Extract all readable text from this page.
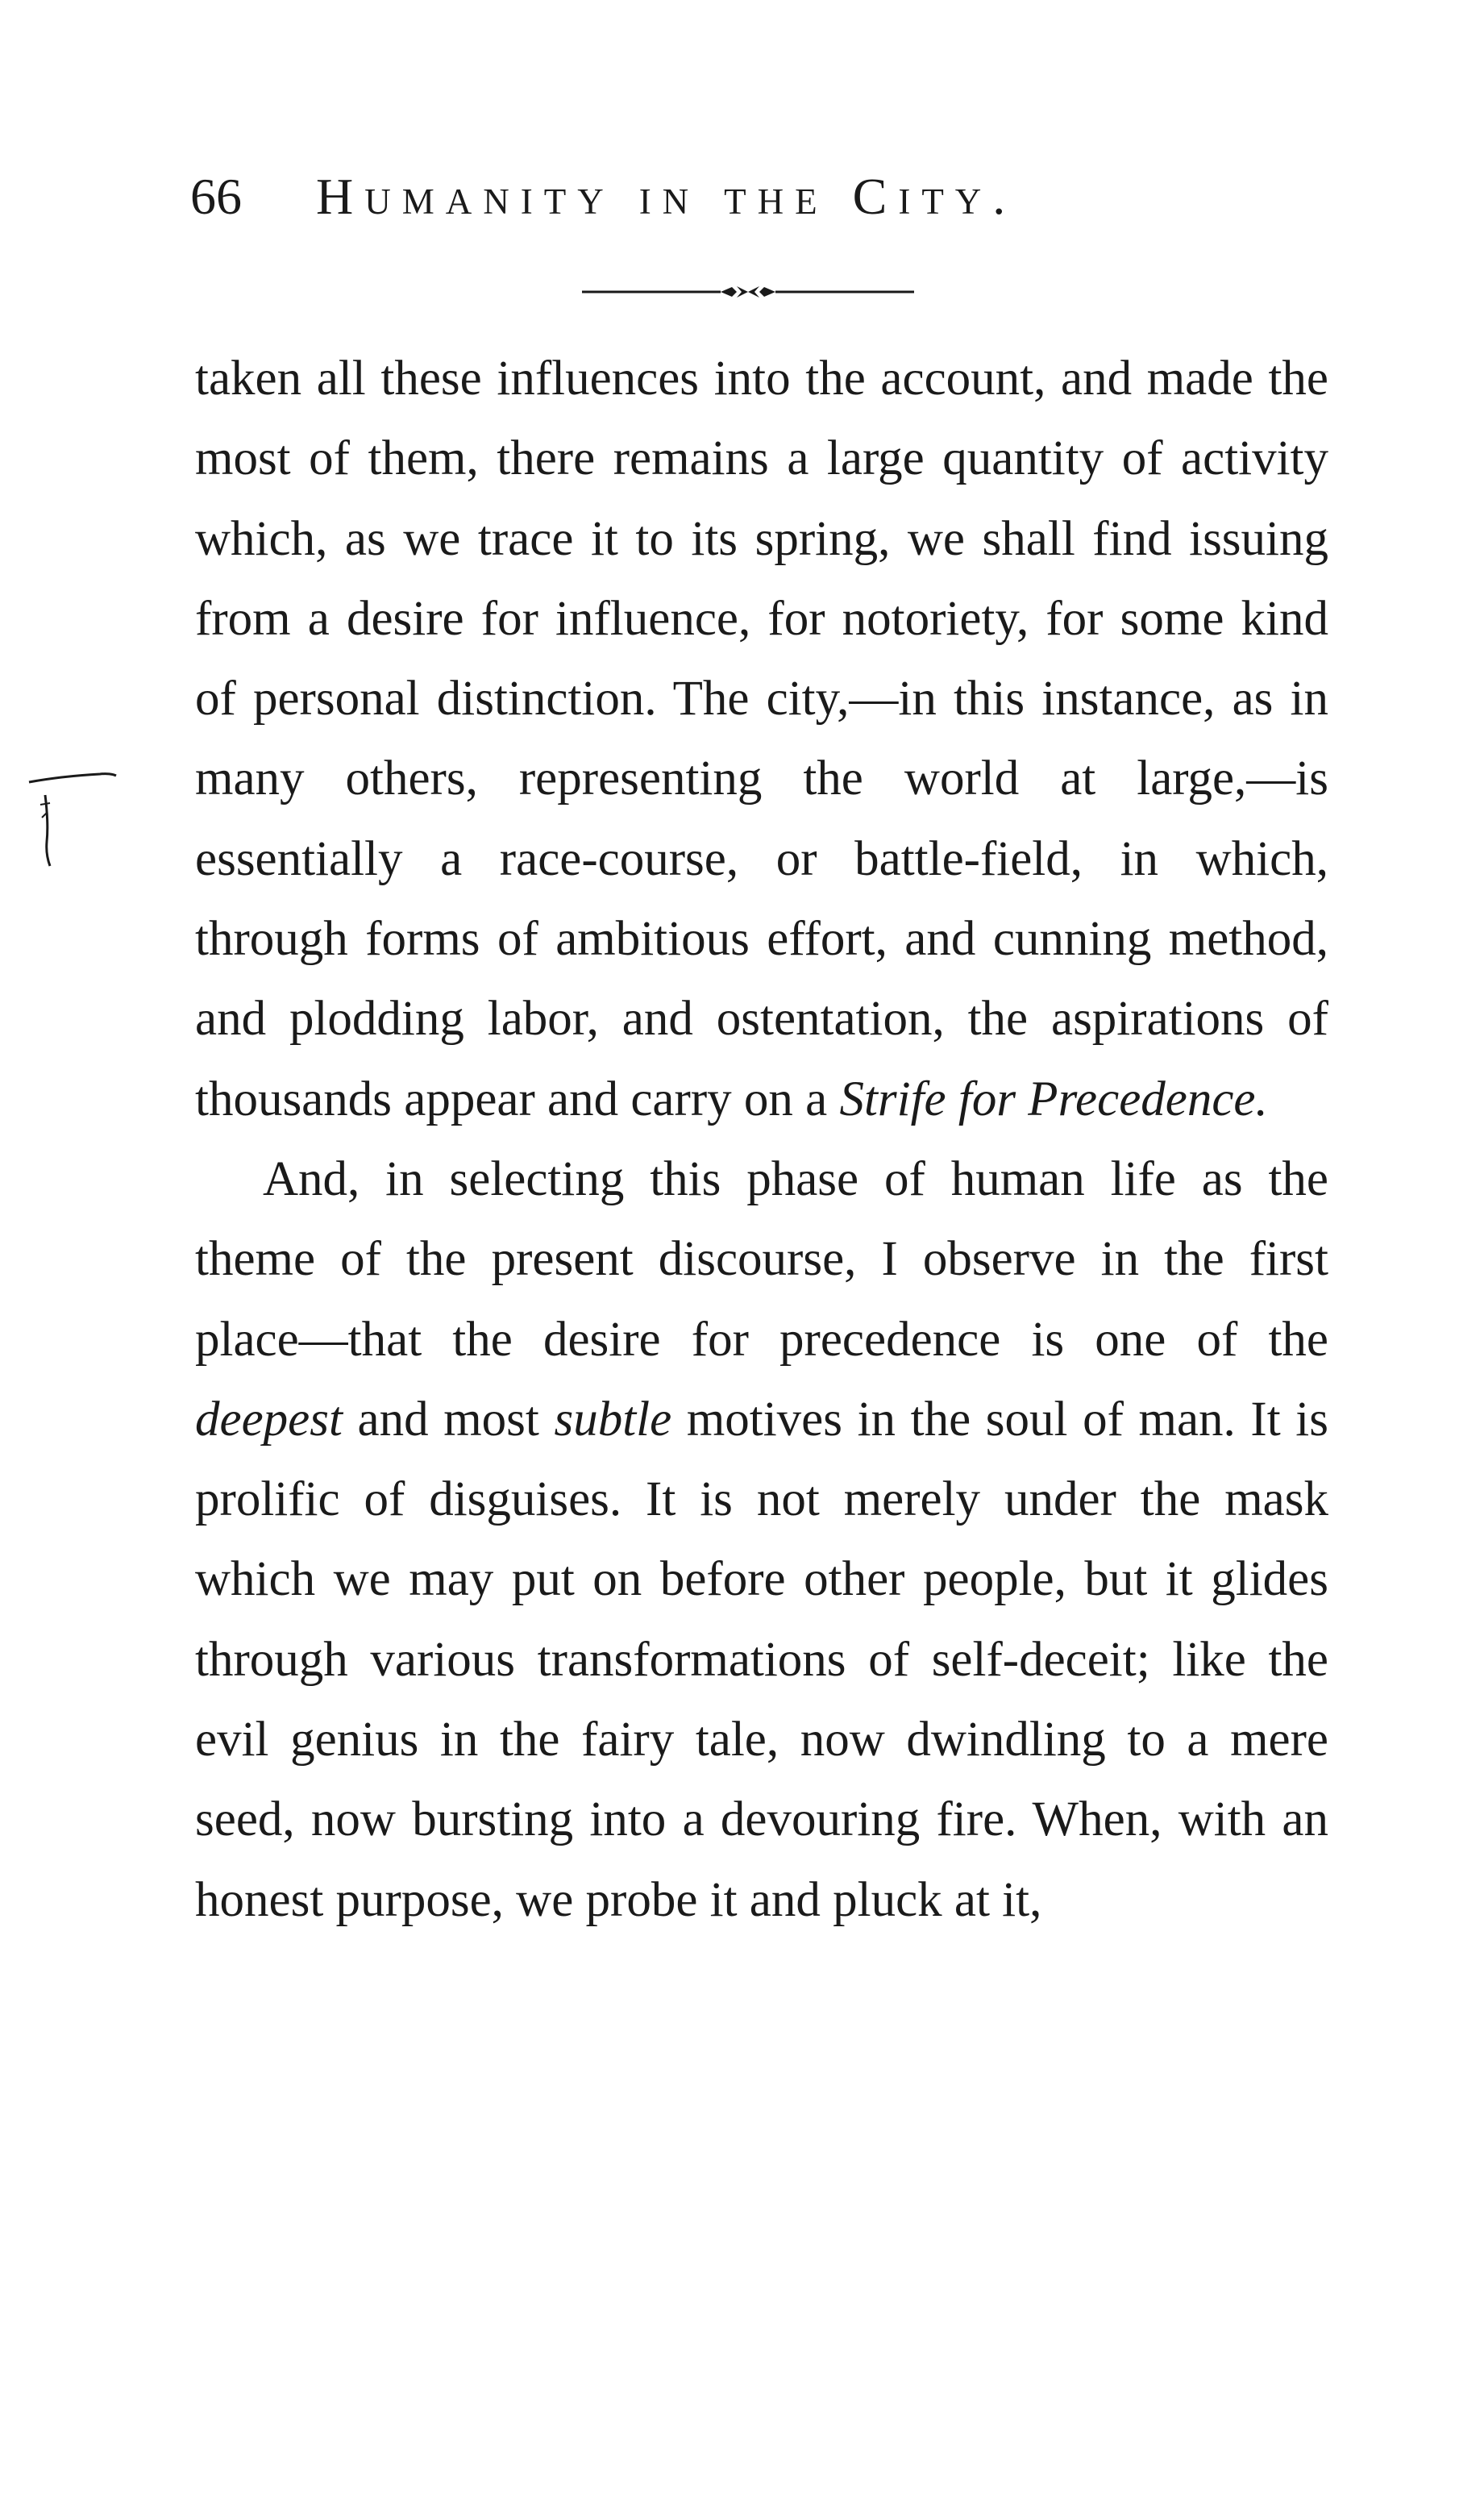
66 Humanity in the City.

taken all these influences into the account, and made the most of them, there remains a large quantity of activity which, as we trace it to its spring, we shall find issuing from a desire for influence, for notoriety, for some kind of personal distinction. The city,—in this instance, as in many others, representing the world at large,—is essentially a race-course, or battle-field, in which, through forms of ambitious effort, and cunning method, and plodding labor, and ostentation, the aspirations of thousands appear and carry on a Strife for Precedence.

And, in selecting this phase of human life as the theme of the present discourse, I observe in the first place—that the desire for precedence is one of the deepest and most subtle motives in the soul of man. It is prolific of disguises. It is not merely under the mask which we may put on before other people, but it glides through various transformations of self-deceit; like the evil genius in the fairy tale, now dwindling to a mere seed, now bursting into a devouring fire. When, with an honest purpose, we probe it and pluck at it,
